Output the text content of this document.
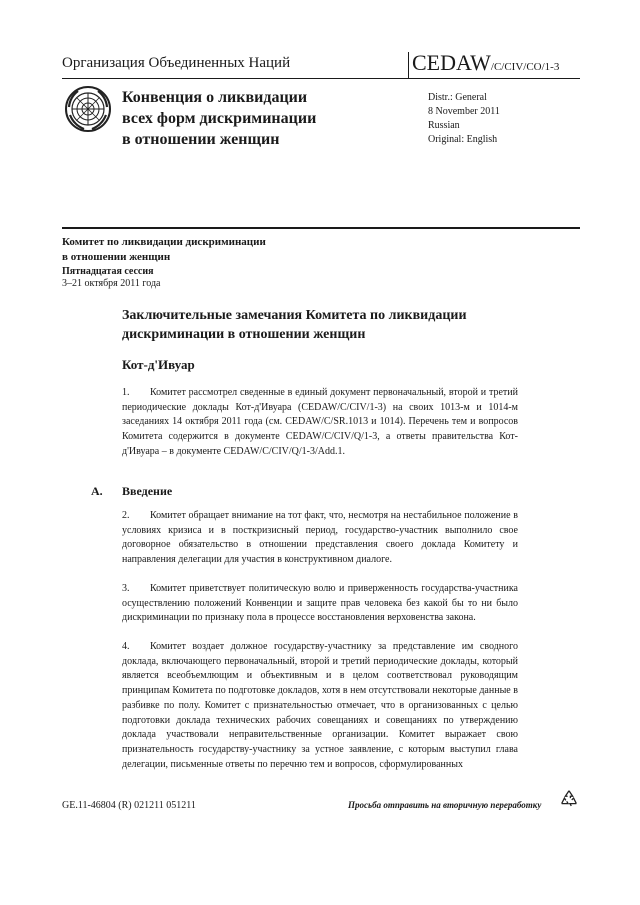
Организация Объединенных Наций	CEDAW/C/CIV/CO/1-3
Конвенция о ликвидации
всех форм дискриминации
в отношении женщин
Distr.: General
8 November 2011
Russian
Original: English
Комитет по ликвидации дискриминации
в отношении женщин
Пятнадцатая сессия
3–21 октября 2011 года
Заключительные замечания Комитета по ликвидации
дискриминации в отношении женщин
Кот-д'Ивуар
1. Комитет рассмотрел сведенные в единый документ первоначальный, второй и третий периодические доклады Кот-д'Ивуара (CEDAW/C/CIV/1-3) на своих 1013-м и 1014-м заседаниях 14 октября 2011 года (см. CEDAW/C/SR.1013 и 1014). Перечень тем и вопросов Комитета содержится в документе CEDAW/C/CIV/Q/1-3, а ответы правительства Кот-д'Ивуара – в документе CEDAW/C/CIV/Q/1-3/Add.1.
A. Введение
2. Комитет обращает внимание на тот факт, что, несмотря на нестабильное положение в условиях кризиса и в посткризисный период, государство-участник выполнило свое договорное обязательство в отношении представления своего доклада Комитету и направления делегации для участия в конструктивном диалоге.
3. Комитет приветствует политическую волю и приверженность государства-участника осуществлению положений Конвенции и защите прав человека без какой бы то ни было дискриминации по признаку пола в процессе восстановления верховенства закона.
4. Комитет воздает должное государству-участнику за представление им сводного доклада, включающего первоначальный, второй и третий периодические доклады, который является всеобъемлющим и объективным и в целом соответствовал руководящим принципам Комитета по подготовке докладов, хотя в нем отсутствовали некоторые данные в разбивке по полу. Комитет с признательностью отмечает, что в организованных с целью подготовки доклада технических рабочих совещаниях и совещаниях по утверждению доклада участвовали неправительственные организации. Комитет выражает свою признательность государству-участнику за устное заявление, с которым выступил глава делегации, письменные ответы по перечню тем и вопросов, сформулированных
GE.11-46804 (R) 021211 051211	Просьба отправить на вторичную переработку
